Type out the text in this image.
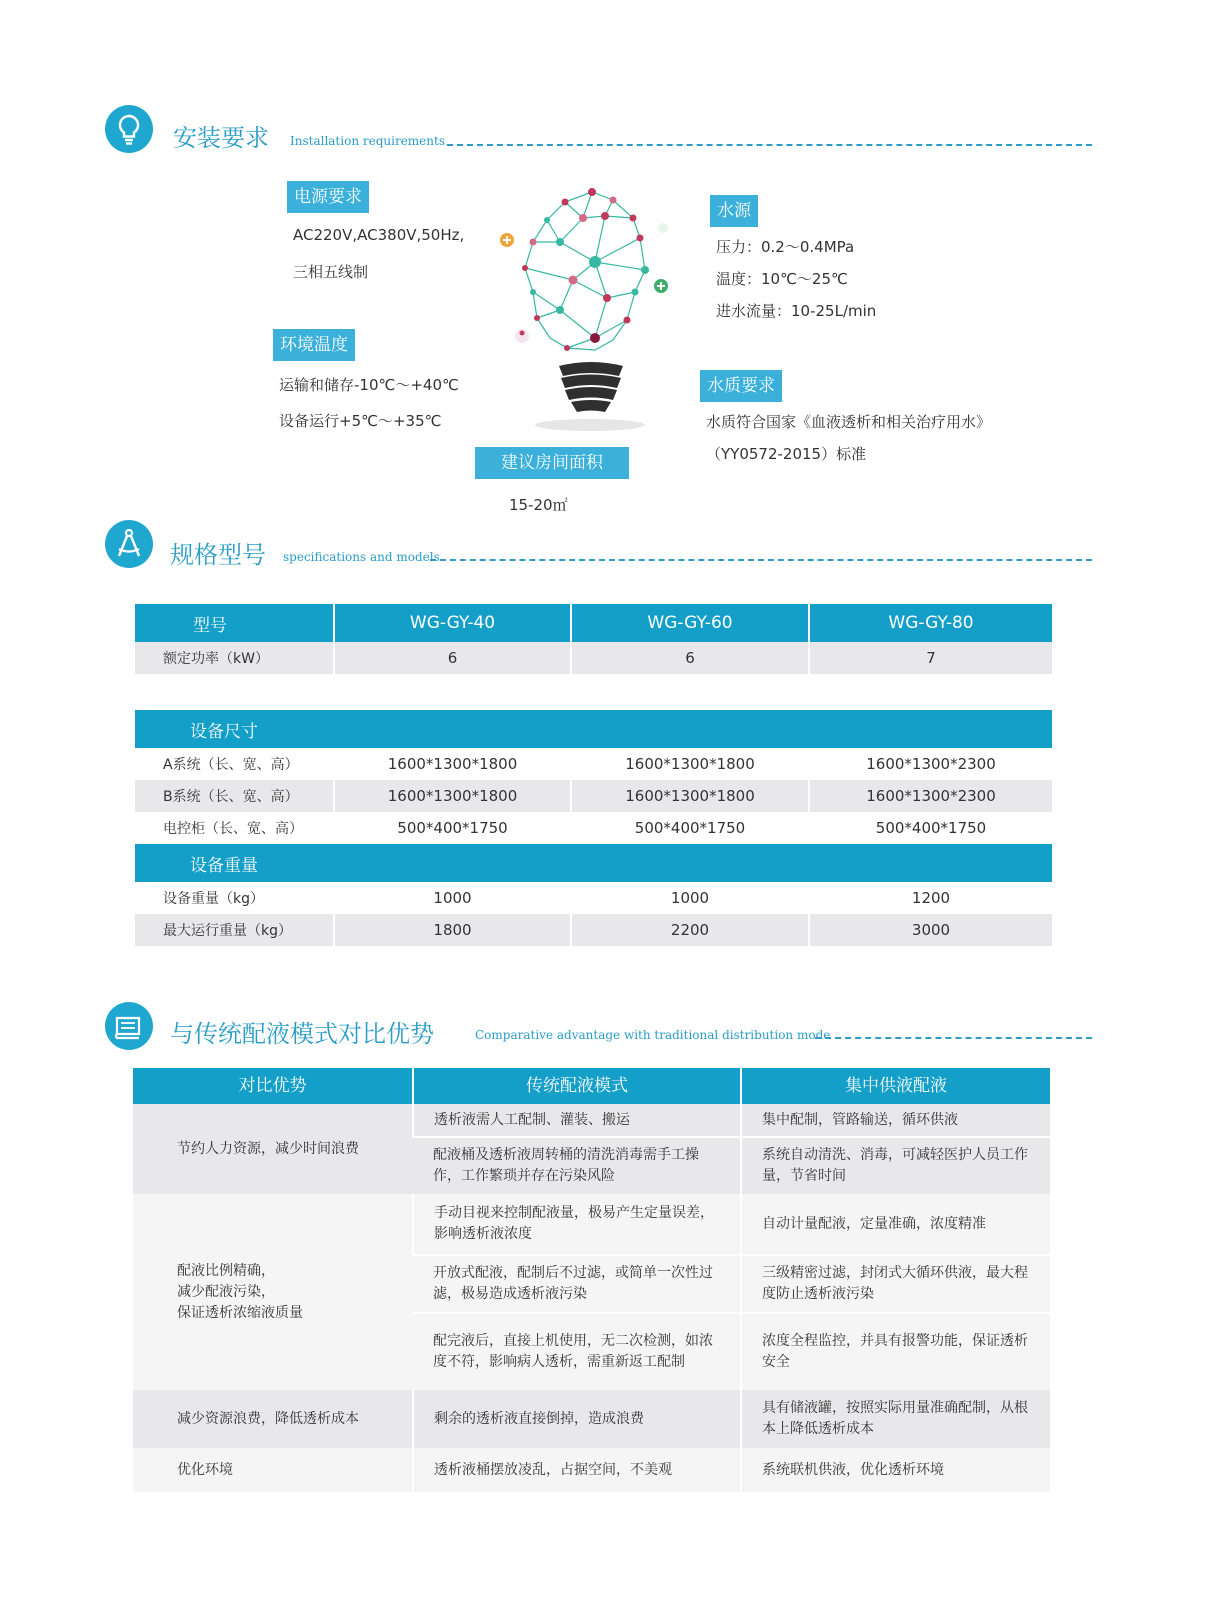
安装要求 Installation requirements
电源要求
AC220V,AC380V,50Hz,
三相五线制
环境温度
运输和储存-10℃～+40℃
设备运行+5℃～+35℃
建议房间面积
15-20㎡
水源
压力：0.2～0.4MPa
温度：10℃～25℃
进水流量：10-25L/min
水质要求
水质符合国家《血液透析和相关治疗用水》
（YY0572-2015）标准
规格型号 specifications and models
型号	WG-GY-40	WG-GY-60	WG-GY-80
额定功率（kW）	6	6	7
设备尺寸			
A系统（长、宽、高）	1600*1300*1800	1600*1300*1800	1600*1300*2300
B系统（长、宽、高）	1600*1300*1800	1600*1300*1800	1600*1300*2300
电控柜（长、宽、高）	500*400*1750	500*400*1750	500*400*1750
设备重量			
设备重量（kg）	1000	1000	1200
最大运行重量（kg）	1800	2200	3000
与传统配液模式对比优势	Comparative advantage with traditional distribution mode
对比优势	传统配液模式	集中供液配液
节约人力资源，减少时间浪费	透析液需人工配制、灌装、搬运	集中配制，管路输送，循环供液
	配液桶及透析液周转桶的清洗消毒需手工操作，工作繁琐并存在污染风险	系统自动清洗、消毒，可减轻医护人员工作量，节省时间

配液比例精确，
减少配液污染，
保证透析浓缩液质量	手动目视来控制配液量，极易产生定量误差，影响透析液浓度	自动计量配液，定量准确，浓度精准
	开放式配液，配制后不过滤，或简单一次性过滤，极易造成透析液污染	三级精密过滤，封闭式大循环供液，最大程度防止透析液污染
	配完液后，直接上机使用，无二次检测，如浓度不符，影响病人透析，需重新返工配制	浓度全程监控，并具有报警功能，保证透析安全
减少资源浪费，降低透析成本	剩余的透析液直接倒掉，造成浪费	具有储液罐，按照实际用量准确配制，从根本上降低透析成本
优化环境	透析液桶摆放凌乱，占据空间，不美观	系统联机供液，优化透析环境
